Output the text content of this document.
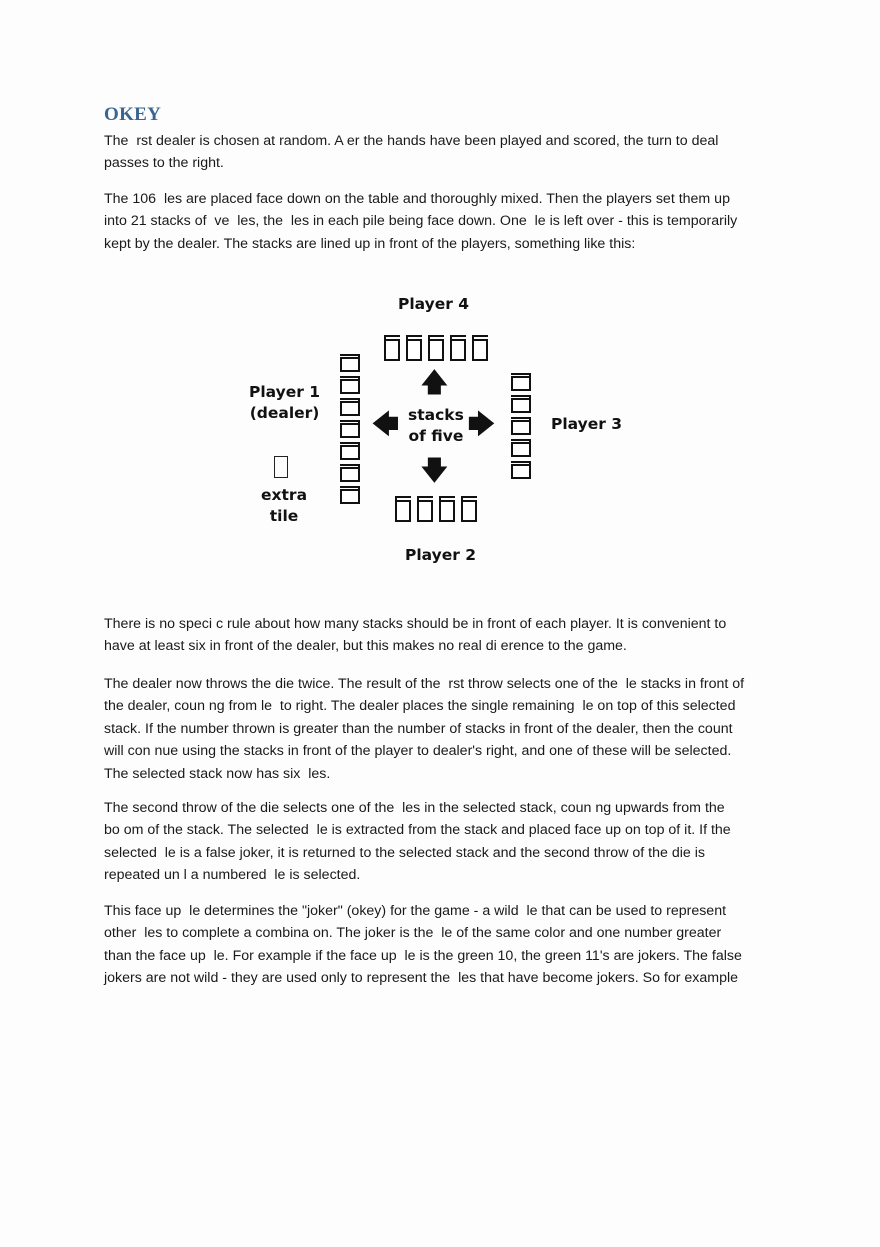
OKEY

The  rst dealer is chosen at random. A er the hands have been played and scored, the turn to deal
passes to the right.

The 106  les are placed face down on the table and thoroughly mixed. Then the players set them up
into 21 stacks of  ve  les, the  les in each pile being face down. One  le is left over - this is temporarily
kept by the dealer. The stacks are lined up in front of the players, something like this:

Player 4
Player 1
(dealer)
Player 3
Player 2
stacks
of five
extra
tile
🡅
🡇
🡄	🡆

There is no speci c rule about how many stacks should be in front of each player. It is convenient to
have at least six in front of the dealer, but this makes no real di erence to the game.

The dealer now throws the die twice. The result of the  rst throw selects one of the  le stacks in front of
the dealer, coun ng from le  to right. The dealer places the single remaining  le on top of this selected
stack. If the number thrown is greater than the number of stacks in front of the dealer, then the count
will con nue using the stacks in front of the player to dealer's right, and one of these will be selected.
The selected stack now has six  les.

The second throw of the die selects one of the  les in the selected stack, coun ng upwards from the
bo om of the stack. The selected  le is extracted from the stack and placed face up on top of it. If the
selected  le is a false joker, it is returned to the selected stack and the second throw of the die is
repeated un l a numbered  le is selected.

This face up  le determines the "joker" (okey) for the game - a wild  le that can be used to represent
other  les to complete a combina on. The joker is the  le of the same color and one number greater
than the face up  le. For example if the face up  le is the green 10, the green 11's are jokers. The false
jokers are not wild - they are used only to represent the  les that have become jokers. So for example
